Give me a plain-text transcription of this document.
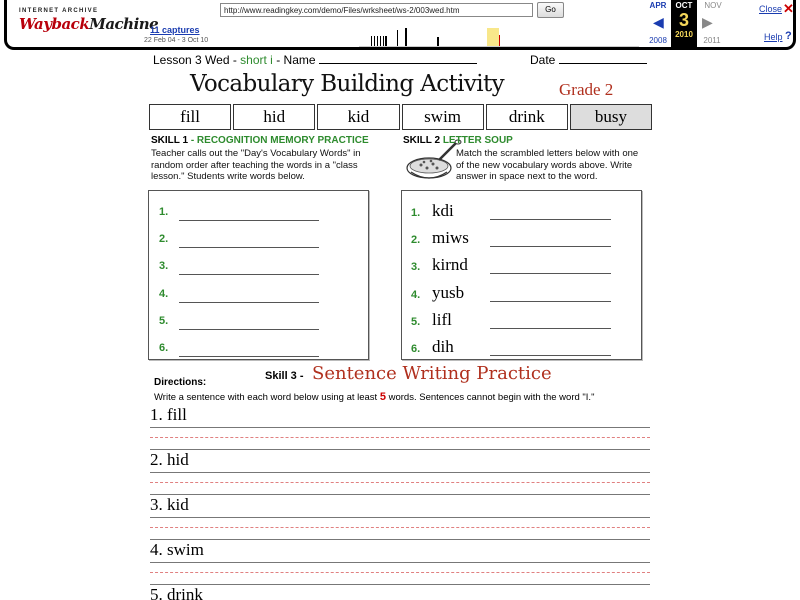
INTERNET ARCHIVE
WaybackMachine
11 captures
22 Feb 04 - 3 Oct 10
http://www.readingkey.com/demo/Files/wrksheet/ws-2/003wed.htm
Go	APR
◀
2008
OCT
3
2010
NOV
▶
2011
Close ✕
Help ?
Lesson 3 Wed - short i - Name	Date
Vocabulary Building Activity	Grade 2
fill	hid	kid	swim	drink	busy
SKILL 1 - RECOGNITION MEMORY PRACTICE
Teacher calls out the "Day's Vocabulary Words" in random order after teaching the words in a "class lesson." Students write words below.
1.
2.
3.
4.
5.
6.
SKILL 2 LETTER SOUP
Match the scrambled letters below with one of the new vocabulary words above. Write answer in space next to the word.
1. kdi
2. miws
3. kirnd
4. yusb
5. lifl
6. dih
Skill 3 - Sentence Writing Practice
Directions:
Write a sentence with each word below using at least 5 words. Sentences cannot begin with the word "I."
1. fill
2. hid
3. kid
4. swim
5. drink
